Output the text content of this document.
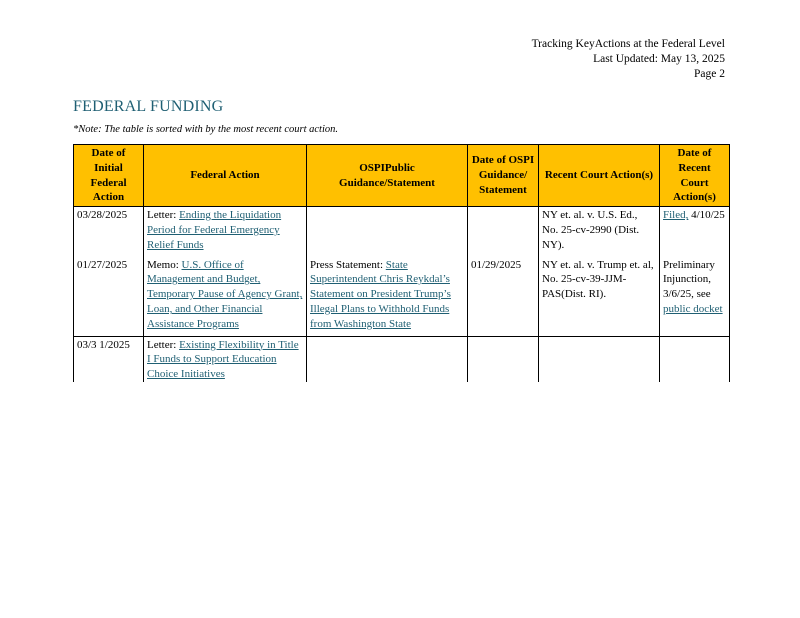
Tracking KeyActions at the Federal Level
Last Updated: May 13, 2025
Page 2
FEDERAL FUNDING
*Note: The table is sorted with by the most recent court action.
Date of Initial Federal Action	Federal Action	OSPIPublic Guidance/Statement	Date of OSPI Guidance/ Statement	Recent Court Action(s)	Date of Recent Court Action(s)
03/28/2025	Letter: Ending the Liquidation Period for Federal Emergency Relief Funds			NY et. al. v. U.S. Ed., No. 25-cv-2990 (Dist. NY).	Filed, 4/10/25
01/27/2025	Memo: U.S. Office of Management and Budget, Temporary Pause of Agency Grant, Loan, and Other Financial Assistance Programs	Press Statement: State Superintendent Chris Reykdal’s Statement on President Trump’s Illegal Plans to Withhold Funds from Washington State	01/29/2025	NY et. al. v. Trump et. al, No. 25-cv-39-JJM-PAS(Dist. RI).	Preliminary Injunction, 3/6/25, see public docket
03/3 1/2025	Letter: Existing Flexibility in Title I Funds to Support Education Choice Initiatives				
